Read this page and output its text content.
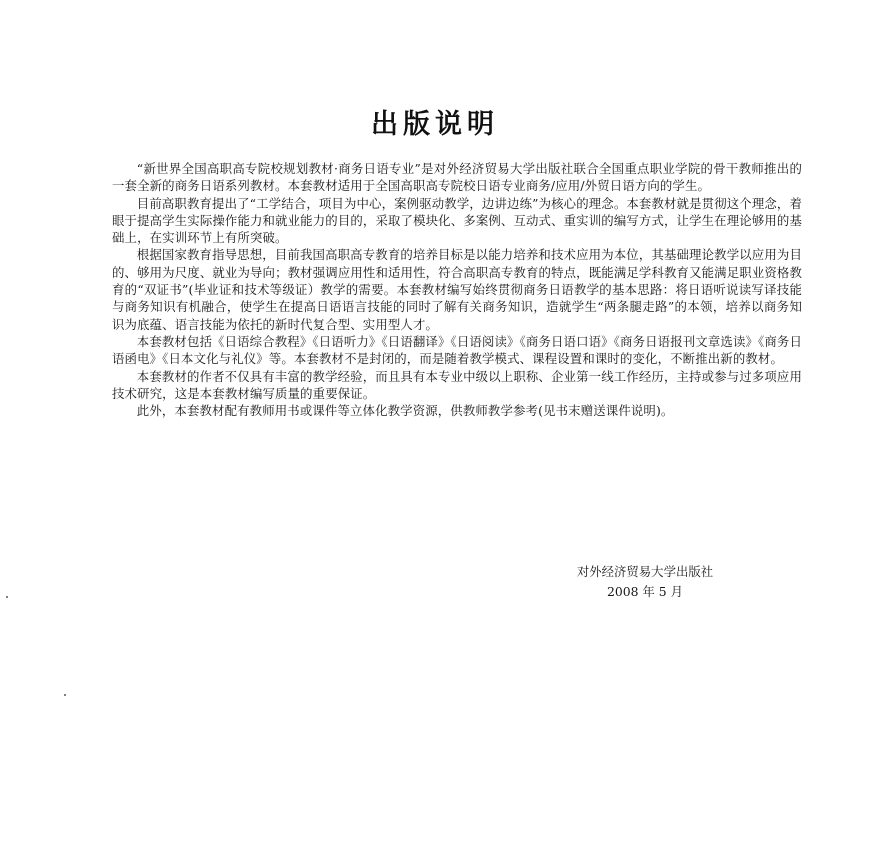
出版说明

“新世界全国高职高专院校规划教材·商务日语专业”是对外经济贸易大学出版社联合全国重点职业学院的骨干教师推出的一套全新的商务日语系列教材。本套教材适用于全国高职高专院校日语专业商务/应用/外贸日语方向的学生。

目前高职教育提出了“工学结合，项目为中心，案例驱动教学，边讲边练”为核心的理念。本套教材就是贯彻这个理念，着眼于提高学生实际操作能力和就业能力的目的，采取了模块化、多案例、互动式、重实训的编写方式，让学生在理论够用的基础上，在实训环节上有所突破。

根据国家教育指导思想，目前我国高职高专教育的培养目标是以能力培养和技术应用为本位，其基础理论教学以应用为目的、够用为尺度、就业为导向；教材强调应用性和适用性，符合高职高专教育的特点，既能满足学科教育又能满足职业资格教育的“双证书”(毕业证和技术等级证）教学的需要。本套教材编写始终贯彻商务日语教学的基本思路：将日语听说读写译技能与商务知识有机融合，使学生在提高日语语言技能的同时了解有关商务知识，造就学生“两条腿走路”的本领，培养以商务知识为底蕴、语言技能为依托的新时代复合型、实用型人才。

本套教材包括《日语综合教程》《日语听力》《日语翻译》《日语阅读》《商务日语口语》《商务日语报刊文章选读》《商务日语函电》《日本文化与礼仪》等。本套教材不是封闭的，而是随着教学模式、课程设置和课时的变化，不断推出新的教材。

本套教材的作者不仅具有丰富的教学经验，而且具有本专业中级以上职称、企业第一线工作经历，主持或参与过多项应用技术研究，这是本套教材编写质量的重要保证。

此外，本套教材配有教师用书或课件等立体化教学资源，供教师教学参考(见书末赠送课件说明)。

对外经济贸易大学出版社
2008 年 5 月
